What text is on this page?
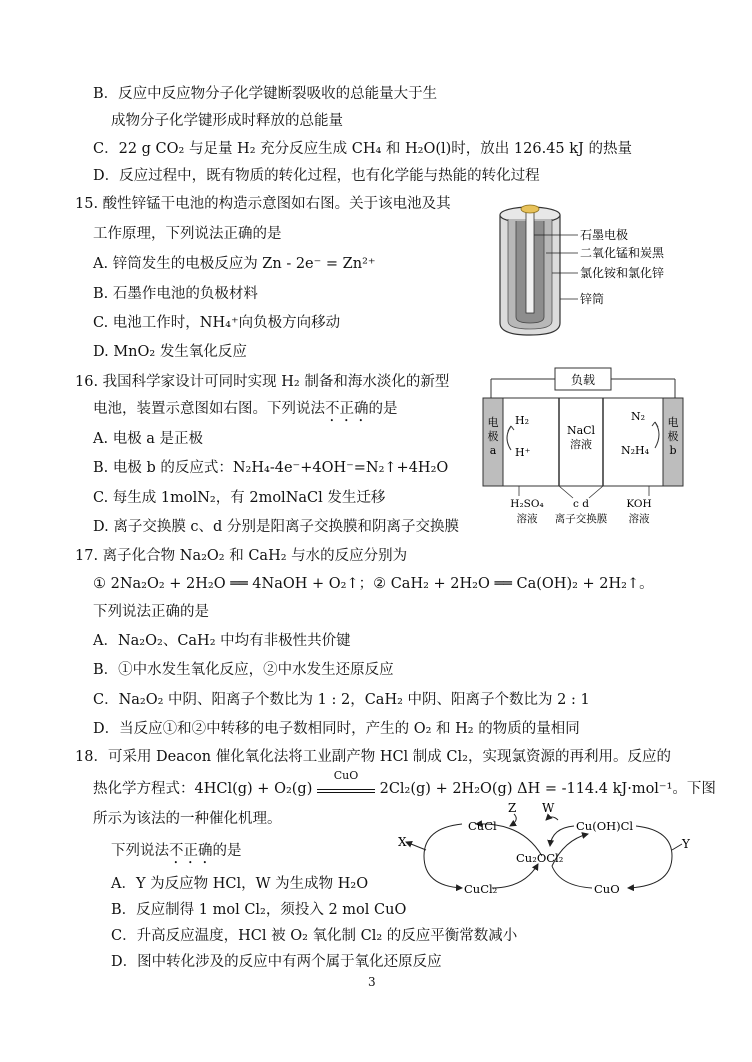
B．反应中反应物分子化学键断裂吸收的总能量大于生
成物分子化学键形成时释放的总能量
C．22 g CO₂ 与足量 H₂ 充分反应生成 CH₄ 和 H₂O(l)时，放出 126.45 kJ 的热量
D．反应过程中，既有物质的转化过程，也有化学能与热能的转化过程
15. 酸性锌锰干电池的构造示意图如右图。关于该电池及其
工作原理，下列说法正确的是
A. 锌筒发生的电极反应为 Zn - 2e⁻ = Zn²⁺
B. 石墨作电池的负极材料
C. 电池工作时，NH₄⁺向负极方向移动
D. MnO₂ 发生氧化反应
石墨电极
二氧化锰和炭黑
氯化铵和氯化锌
锌筒
16. 我国科学家设计可同时实现 H₂ 制备和海水淡化的新型
电池，装置示意图如右图。下列说法不正确的是
A. 电极 a 是正极
B. 电极 b 的反应式：N₂H₄-4e⁻+4OH⁻=N₂↑+4H₂O
C. 每生成 1molN₂，有 2molNaCl 发生迁移
D. 离子交换膜 c、d 分别是阳离子交换膜和阴离子交换膜
负载
电
极
a
电
极
b
H₂
H⁺
NaCl
溶液
N₂
N₂H₄
H₂SO₄
溶液
c d
离子交换膜
KOH
溶液
17. 离子化合物 Na₂O₂ 和 CaH₂ 与水的反应分别为
① 2Na₂O₂ + 2H₂O ══ 4NaOH + O₂↑；② CaH₂ + 2H₂O ══ Ca(OH)₂ + 2H₂↑。
下列说法正确的是
A．Na₂O₂、CaH₂ 中均有非极性共价键
B．①中水发生氧化反应，②中水发生还原反应
C．Na₂O₂ 中阴、阳离子个数比为 1 : 2，CaH₂ 中阴、阳离子个数比为 2 : 1
D．当反应①和②中转移的电子数相同时，产生的 O₂ 和 H₂ 的物质的量相同
18．可采用 Deacon 催化氧化法将工业副产物 HCl 制成 Cl₂，实现氯资源的再利用。反应的
热化学方程式：4HCl(g) + O₂(g)
CuO
2Cl₂(g) + 2H₂O(g) ΔH = -114.4 kJ·mol⁻¹。下图
所示为该法的一种催化机理。
下列说法不正确的是
A．Y 为反应物 HCl，W 为生成物 H₂O
B．反应制得 1 mol Cl₂，须投入 2 mol CuO
C．升高反应温度，HCl 被 O₂ 氧化制 Cl₂ 的反应平衡常数减小
D．图中转化涉及的反应中有两个属于氧化还原反应
Z W
X	Y
CuCl	Cu(OH)Cl
Cu₂OCl₂
CuCl₂	CuO
3
